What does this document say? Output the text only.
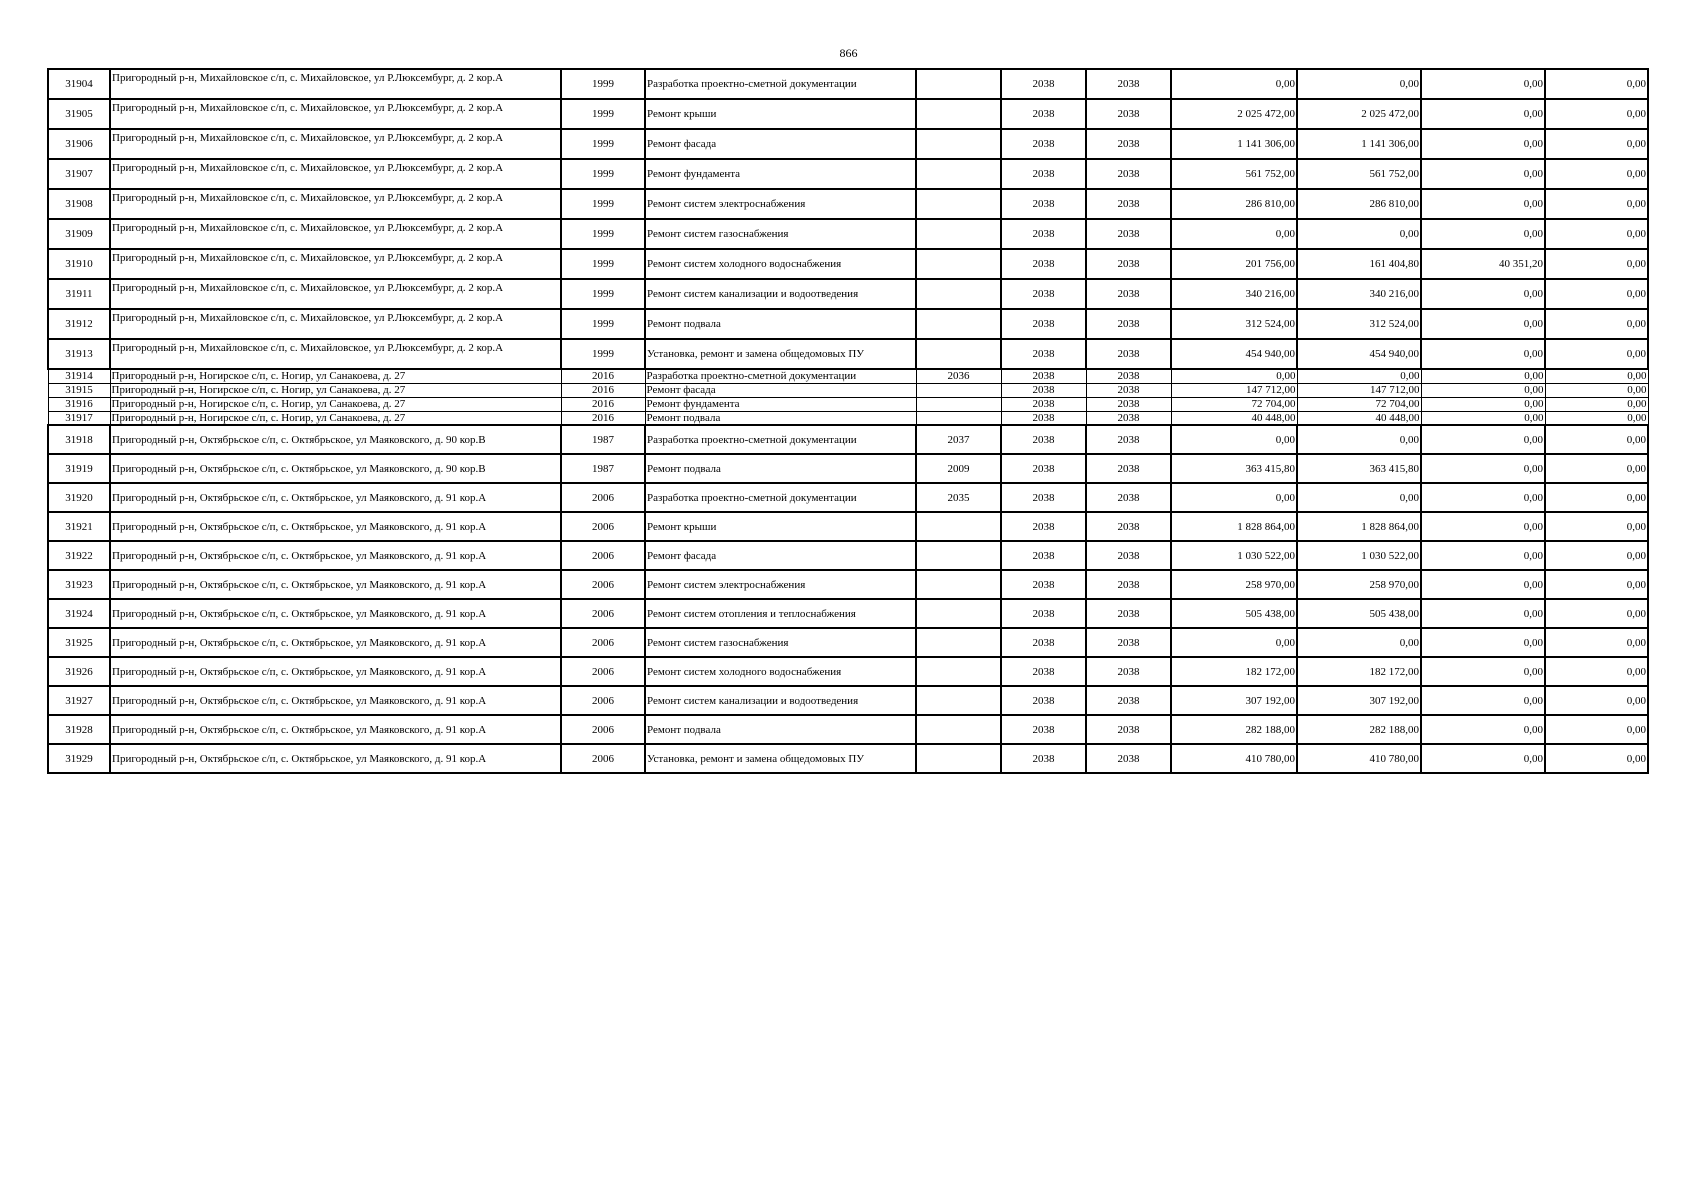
866
31904	Пригородный р-н, Михайловское с/п, с. Михайловское, ул Р.Люксембург, д. 2 кор.А	1999	Разработка проектно-сметной документации		2038	2038	0,00	0,00	0,00	0,00
31905	Пригородный р-н, Михайловское с/п, с. Михайловское, ул Р.Люксембург, д. 2 кор.А	1999	Ремонт крыши		2038	2038	2 025 472,00	2 025 472,00	0,00	0,00
31906	Пригородный р-н, Михайловское с/п, с. Михайловское, ул Р.Люксембург, д. 2 кор.А	1999	Ремонт фасада		2038	2038	1 141 306,00	1 141 306,00	0,00	0,00
31907	Пригородный р-н, Михайловское с/п, с. Михайловское, ул Р.Люксембург, д. 2 кор.А	1999	Ремонт фундамента		2038	2038	561 752,00	561 752,00	0,00	0,00
31908	Пригородный р-н, Михайловское с/п, с. Михайловское, ул Р.Люксембург, д. 2 кор.А	1999	Ремонт систем электроснабжения		2038	2038	286 810,00	286 810,00	0,00	0,00
31909	Пригородный р-н, Михайловское с/п, с. Михайловское, ул Р.Люксембург, д. 2 кор.А	1999	Ремонт систем газоснабжения		2038	2038	0,00	0,00	0,00	0,00
31910	Пригородный р-н, Михайловское с/п, с. Михайловское, ул Р.Люксембург, д. 2 кор.А	1999	Ремонт систем холодного водоснабжения		2038	2038	201 756,00	161 404,80	40 351,20	0,00
31911	Пригородный р-н, Михайловское с/п, с. Михайловское, ул Р.Люксембург, д. 2 кор.А	1999	Ремонт систем канализации и водоотведения		2038	2038	340 216,00	340 216,00	0,00	0,00
31912	Пригородный р-н, Михайловское с/п, с. Михайловское, ул Р.Люксембург, д. 2 кор.А	1999	Ремонт подвала		2038	2038	312 524,00	312 524,00	0,00	0,00
31913	Пригородный р-н, Михайловское с/п, с. Михайловское, ул Р.Люксембург, д. 2 кор.А	1999	Установка, ремонт и замена общедомовых ПУ		2038	2038	454 940,00	454 940,00	0,00	0,00
31914	Пригородный р-н, Ногирское с/п, с. Ногир, ул Санакоева, д. 27	2016	Разработка проектно-сметной документации	2036	2038	2038	0,00	0,00	0,00	0,00
31915	Пригородный р-н, Ногирское с/п, с. Ногир, ул Санакоева, д. 27	2016	Ремонт фасада		2038	2038	147 712,00	147 712,00	0,00	0,00
31916	Пригородный р-н, Ногирское с/п, с. Ногир, ул Санакоева, д. 27	2016	Ремонт фундамента		2038	2038	72 704,00	72 704,00	0,00	0,00
31917	Пригородный р-н, Ногирское с/п, с. Ногир, ул Санакоева, д. 27	2016	Ремонт подвала		2038	2038	40 448,00	40 448,00	0,00	0,00
31918	Пригородный р-н, Октябрьское с/п, с. Октябрьское, ул Маяковского, д. 90 кор.В	1987	Разработка проектно-сметной документации	2037	2038	2038	0,00	0,00	0,00	0,00
31919	Пригородный р-н, Октябрьское с/п, с. Октябрьское, ул Маяковского, д. 90 кор.В	1987	Ремонт подвала	2009	2038	2038	363 415,80	363 415,80	0,00	0,00
31920	Пригородный р-н, Октябрьское с/п, с. Октябрьское, ул Маяковского, д. 91 кор.А	2006	Разработка проектно-сметной документации	2035	2038	2038	0,00	0,00	0,00	0,00
31921	Пригородный р-н, Октябрьское с/п, с. Октябрьское, ул Маяковского, д. 91 кор.А	2006	Ремонт крыши		2038	2038	1 828 864,00	1 828 864,00	0,00	0,00
31922	Пригородный р-н, Октябрьское с/п, с. Октябрьское, ул Маяковского, д. 91 кор.А	2006	Ремонт фасада		2038	2038	1 030 522,00	1 030 522,00	0,00	0,00
31923	Пригородный р-н, Октябрьское с/п, с. Октябрьское, ул Маяковского, д. 91 кор.А	2006	Ремонт систем электроснабжения		2038	2038	258 970,00	258 970,00	0,00	0,00
31924	Пригородный р-н, Октябрьское с/п, с. Октябрьское, ул Маяковского, д. 91 кор.А	2006	Ремонт систем отопления и теплоснабжения		2038	2038	505 438,00	505 438,00	0,00	0,00
31925	Пригородный р-н, Октябрьское с/п, с. Октябрьское, ул Маяковского, д. 91 кор.А	2006	Ремонт систем газоснабжения		2038	2038	0,00	0,00	0,00	0,00
31926	Пригородный р-н, Октябрьское с/п, с. Октябрьское, ул Маяковского, д. 91 кор.А	2006	Ремонт систем холодного водоснабжения		2038	2038	182 172,00	182 172,00	0,00	0,00
31927	Пригородный р-н, Октябрьское с/п, с. Октябрьское, ул Маяковского, д. 91 кор.А	2006	Ремонт систем канализации и водоотведения		2038	2038	307 192,00	307 192,00	0,00	0,00
31928	Пригородный р-н, Октябрьское с/п, с. Октябрьское, ул Маяковского, д. 91 кор.А	2006	Ремонт подвала		2038	2038	282 188,00	282 188,00	0,00	0,00
31929	Пригородный р-н, Октябрьское с/п, с. Октябрьское, ул Маяковского, д. 91 кор.А	2006	Установка, ремонт и замена общедомовых ПУ		2038	2038	410 780,00	410 780,00	0,00	0,00
